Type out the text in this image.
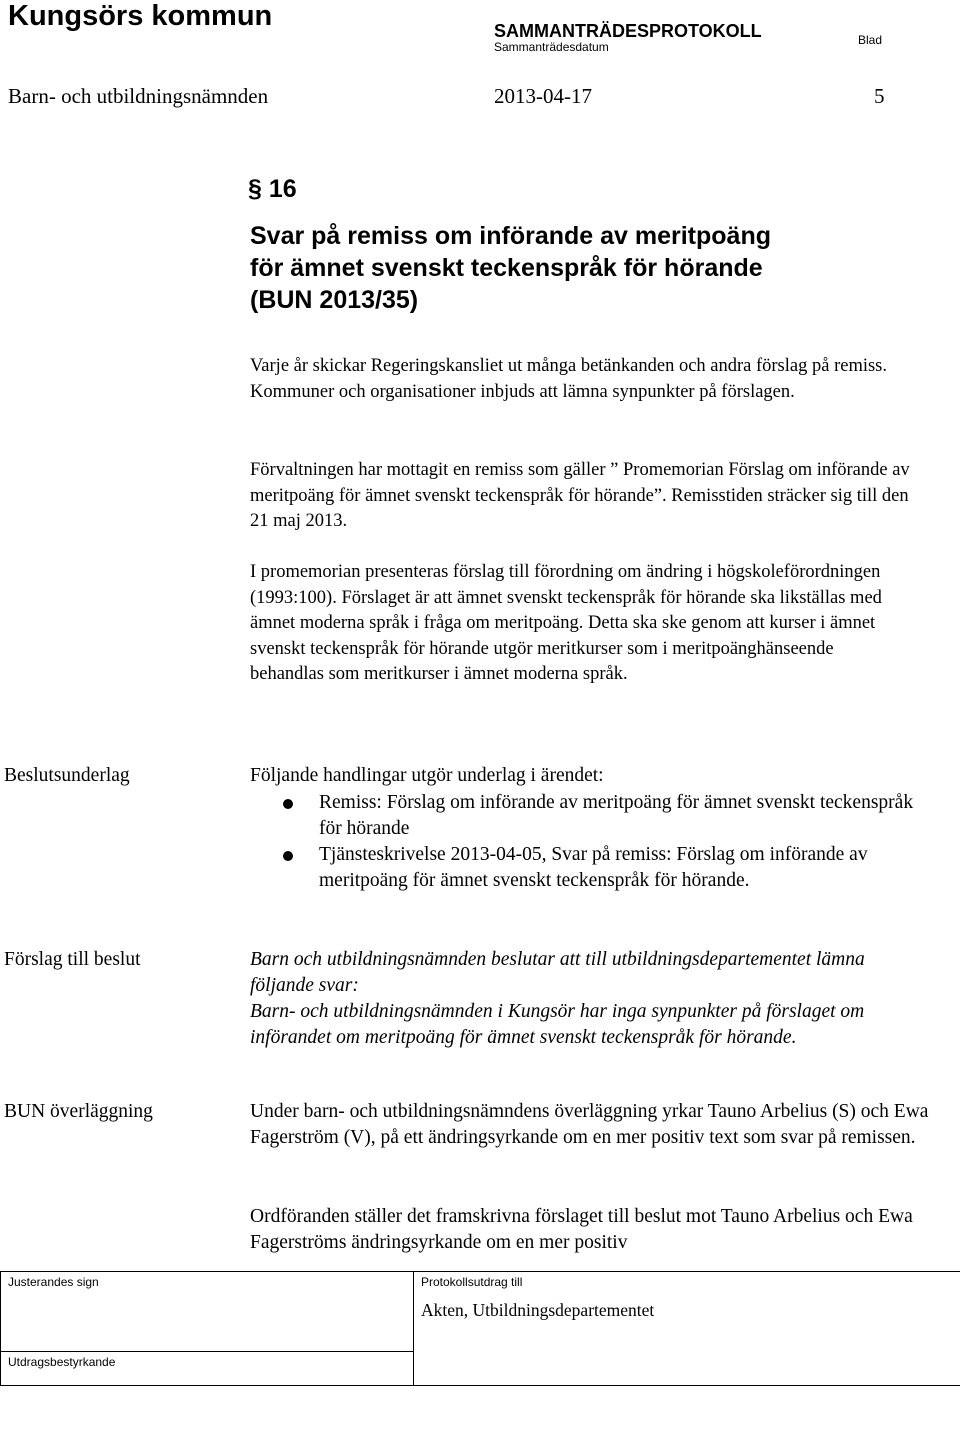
Kungsörs kommun	SAMMANTRÄDESPROTOKOLL
Sammanträdesdatum	Blad
Barn- och utbildningsnämnden	2013-04-17	5
§ 16
Svar på remiss om införande av meritpoäng
för ämnet svenskt teckenspråk för hörande
(BUN 2013/35)

Varje år skickar Regeringskansliet ut många betänkanden och andra förslag på remiss. Kommuner och organisationer inbjuds att lämna synpunkter på förslagen.

Förvaltningen har mottagit en remiss som gäller ” Promemorian Förslag om införande av meritpoäng för ämnet svenskt teckenspråk för hörande”. Remisstiden sträcker sig till den 21 maj 2013.

I promemorian presenteras förslag till förordning om ändring i högskoleförordningen (1993:100). Förslaget är att ämnet svenskt teckenspråk för hörande ska likställas med ämnet moderna språk i fråga om meritpoäng. Detta ska ske genom att kurser i ämnet svenskt teckenspråk för hörande utgör meritkurser som i meritpoänghänseende behandlas som meritkurser i ämnet moderna språk.

Beslutsunderlag	Följande handlingar utgör underlag i ärendet:

Remiss: Förslag om införande av meritpoäng för ämnet svenskt teckenspråk för hörande
Tjänsteskrivelse 2013-04-05, Svar på remiss: Förslag om införande av meritpoäng för ämnet svenskt teckenspråk för hörande.
Förslag till beslut	Barn och utbildningsnämnden beslutar att till utbildningsdepartementet lämna följande svar:

Barn- och utbildningsnämnden i Kungsör har inga synpunkter på förslaget om införandet om meritpoäng för ämnet svenskt teckenspråk för hörande.

BUN överläggning	Under barn- och utbildningsnämndens överläggning yrkar Tauno Arbelius (S) och Ewa Fagerström (V), på ett ändringsyrkande om en mer positiv text som svar på remissen.

Ordföranden ställer det framskrivna förslaget till beslut mot Tauno Arbelius och Ewa Fagerströms ändringsyrkande om en mer positiv

Justerandes sign	Protokollsutdrag till
Akten, Utbildningsdepartementet

Utdragsbestyrkande
